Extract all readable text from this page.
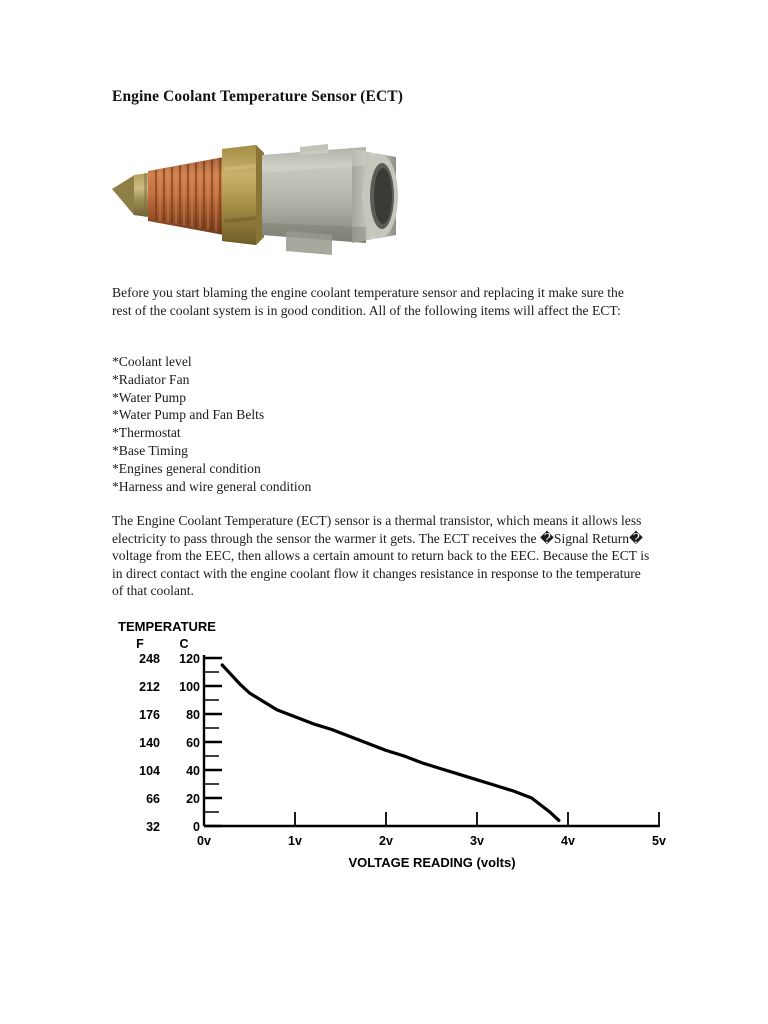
Engine Coolant Temperature Sensor (ECT)
Before you start blaming the engine coolant temperature sensor and replacing it make sure the rest of the coolant system is in good condition. All of the following items will affect the ECT:
*Coolant level
*Radiator Fan
*Water Pump
*Water Pump and Fan Belts
*Thermostat
*Base Timing
*Engines general condition
*Harness and wire general condition
The Engine Coolant Temperature (ECT) sensor is a thermal transistor, which means it allows less electricity to pass through the sensor the warmer it gets. The ECT receives the �Signal Return� voltage from the EEC, then allows a certain amount to return back to the EEC. Because the ECT is in direct contact with the engine coolant flow it changes resistance in response to the temperature of that coolant.
TEMPERATURE
F	C
248
212
176
140
104
66
32
120
100
80
60
40
20
0
0v	1v	2v	3v	4v	5v
VOLTAGE READING (volts)
